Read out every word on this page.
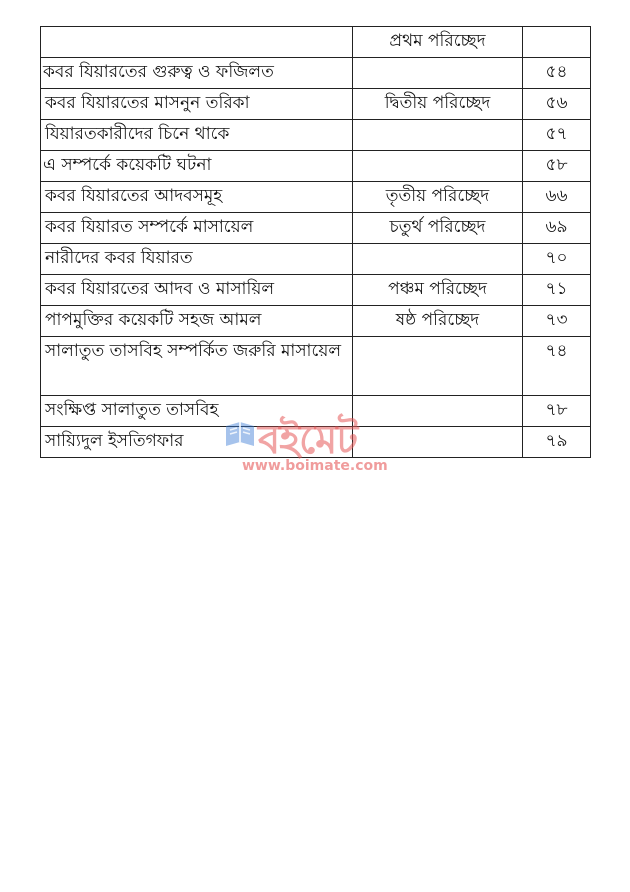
	প্রথম পরিচ্ছেদ	
কবর যিয়ারতের গুরুত্ব ও ফজিলত		৫৪
কবর যিয়ারতের মাসনুন তরিকা	দ্বিতীয় পরিচ্ছেদ	৫৬
যিয়ারতকারীদের চিনে থাকে		৫৭
এ সম্পর্কে কয়েকটি ঘটনা		৫৮
কবর যিয়ারতের আদবসমূহ	তৃতীয় পরিচ্ছেদ	৬৬
কবর যিয়ারত সম্পর্কে মাসায়েল	চতুর্থ পরিচ্ছেদ	৬৯
নারীদের কবর যিয়ারত		৭০
কবর যিয়ারতের আদব ও মাসায়িল	পঞ্চম পরিচ্ছেদ	৭১
পাপমুক্তির কয়েকটি সহজ আমল	ষষ্ঠ পরিচ্ছেদ	৭৩
সালাতুত তাসবিহ সম্পর্কিত জরুরি মাসায়েল		৭৪
সংক্ষিপ্ত সালাতুত তাসবিহ		৭৮
সায়্যিদুল ইসতিগফার		৭৯
বইমেট
www.boimate.com
